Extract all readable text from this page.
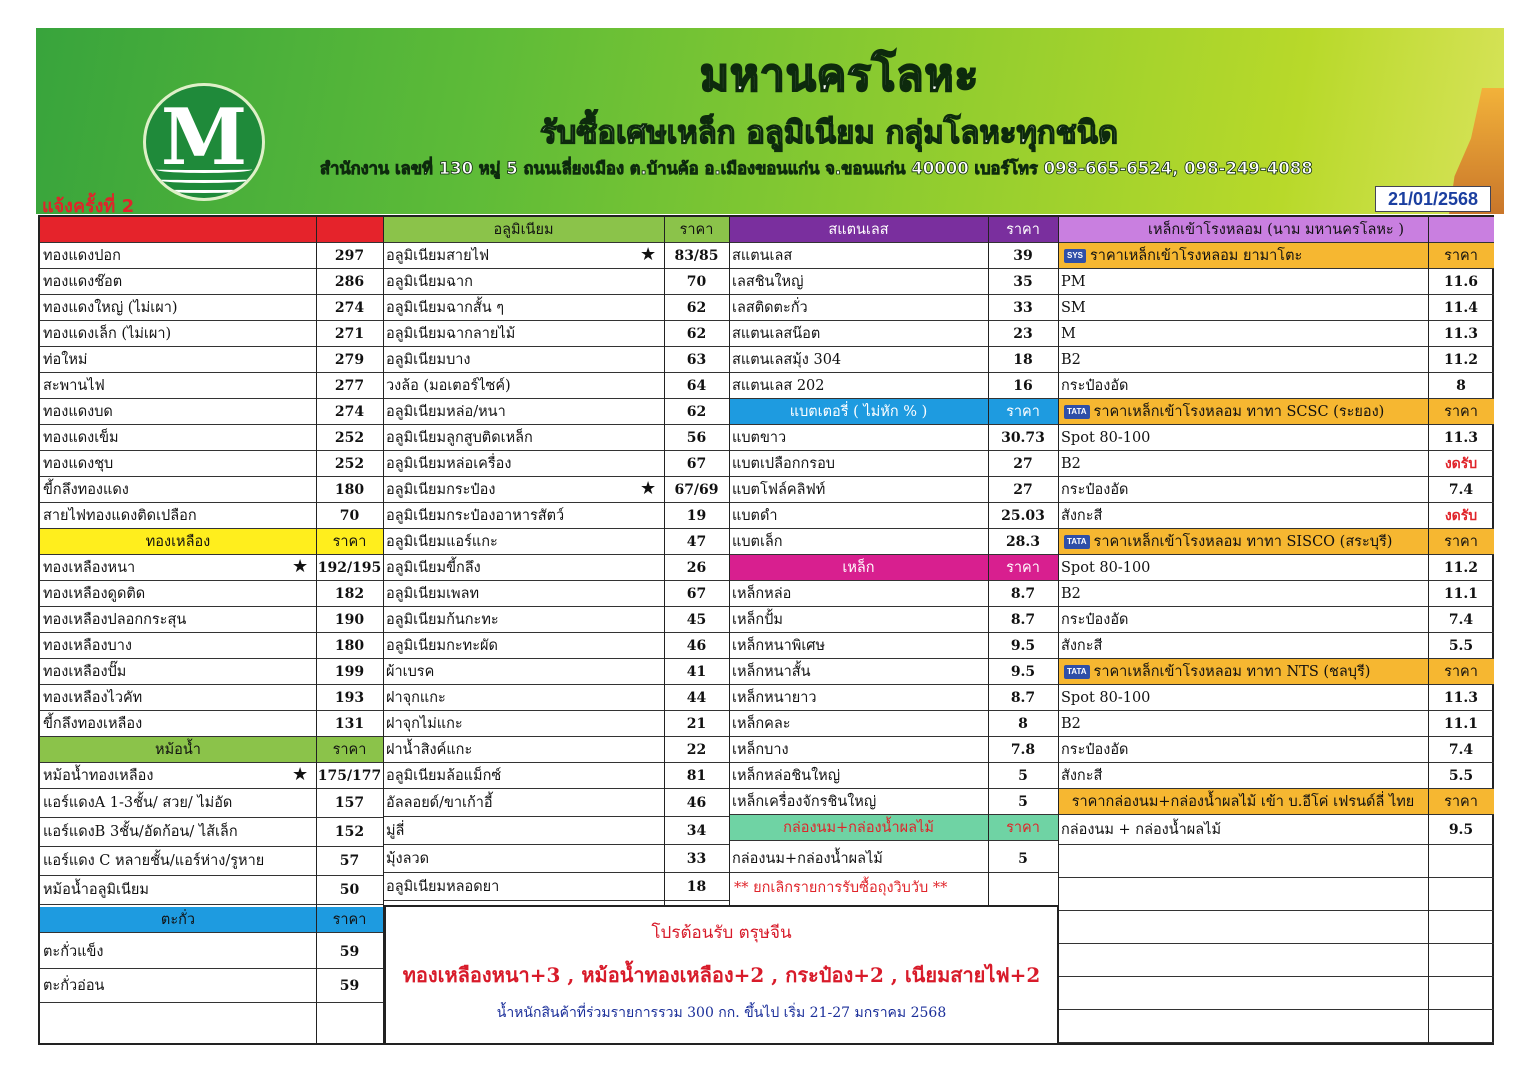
M
มหานครโลหะ
รับซื้อเศษเหล็ก อลูมิเนียม กลุ่มโลหะทุกชนิด
สำนักงาน เลขที่ 130 หมู่ 5 ถนนเลี่ยงเมือง ต.บ้านค้อ อ.เมืองขอนแก่น จ.ขอนแก่น 40000 เบอร์โทร 098-665-6524, 098-249-4088
แจ้งครั้งที่ 2	21/01/2568
ทองแดงปอก	297
ทองแดงช๊อต	286
ทองแดงใหญ่ (ไม่เผา)	274
ทองแดงเล็ก (ไม่เผา)	271
ท่อใหม่	279
สะพานไฟ	277
ทองแดงบด	274
ทองแดงเข็ม	252
ทองแดงชุบ	252
ขี้กลึงทองแดง	180
สายไฟทองแดงติดเปลือก	70
ทองเหลือง	ราคา
ทองเหลืองหนา	192/195
★
ทองเหลืองดูดติด	182
ทองเหลืองปลอกกระสุน	190
ทองเหลืองบาง	180
ทองเหลืองปั๊ม	199
ทองเหลืองไวคัท	193
ขี้กลึงทองเหลือง	131
หม้อน้ำ	ราคา
หม้อน้ำทองเหลือง	175/177
★
แอร์แดงA 1-3ชั้น/ สวย/ ไม่อัด	157
แอร์แดงB 3ชั้น/อัดก้อน/ ไส้เล็ก	152
แอร์แดง C หลายชั้น/แอร์ห่าง/รูหาย	57
หม้อน้ำอลูมิเนียม	50
ตะกั่ว	ราคา
ตะกั่วแข็ง	59
ตะกั่วอ่อน	59
อลูมิเนียม	ราคา
อลูมิเนียมสายไฟ	83/85
★
อลูมิเนียมฉาก	70
อลูมิเนียมฉากสั้น ๆ	62
อลูมิเนียมฉากลายไม้	62
อลูมิเนียมบาง	63
วงล้อ (มอเตอร์ไซค์)	64
อลูมิเนียมหล่อ/หนา	62
อลูมิเนียมลูกสูบติดเหล็ก	56
อลูมิเนียมหล่อเครื่อง	67
อลูมิเนียมกระป๋อง	67/69
★
อลูมิเนียมกระป๋องอาหารสัตว์	19
อลูมิเนียมแอร์แกะ	47
อลูมิเนียมขี้กลึง	26
อลูมิเนียมเพลท	67
อลูมิเนียมก้นกะทะ	45
อลูมิเนียมกะทะผัด	46
ผ้าเบรค	41
ฝาจุกแกะ	44
ฝาจุกไม่แกะ	21
ฝาน้ำสิงค์แกะ	22
อลูมิเนียมล้อแม็กซ์	81
อัลลอยด์/ขาเก้าอี้	46
มู่ลี่	34
มุ้งลวด	33
อลูมิเนียมหลอดยา	18
สแตนเลส	ราคา
สแตนเลส	39
เลสชินใหญ่	35
เลสติดตะกั่ว	33
สแตนเลสน๊อต	23
สแตนเลสมุ้ง 304	18
สแตนเลส 202	16
แบตเตอรี่ ( ไม่หัก % )	ราคา
แบตขาว	30.73
แบตเปลือกกรอบ	27
แบตโฟล์คลิฟท์	27
แบตดำ	25.03
แบตเล็ก	28.3
เหล็ก	ราคา
เหล็กหล่อ	8.7
เหล็กปั้ม	8.7
เหล็กหนาพิเศษ	9.5
เหล็กหนาสั้น	9.5
เหล็กหนายาว	8.7
เหล็กคละ	8
เหล็กบาง	7.8
เหล็กหล่อชินใหญ่	5
เหล็กเครื่องจักรชินใหญ่	5
กล่องนม+กล่องน้ำผลไม้	ราคา
กล่องนม+กล่องน้ำผลไม้	5
** ยกเลิกรายการรับซื้อถุงวิบวับ **
เหล็กเข้าโรงหลอม (นาม มหานครโลหะ )
SYS ราคาเหล็กเข้าโรงหลอม ยามาโตะ	ราคา
PM	11.6
SM	11.4
M	11.3
B2	11.2
กระป๋องอัด	8
TATA ราคาเหล็กเข้าโรงหลอม ทาทา SCSC (ระยอง)	ราคา
Spot 80-100	11.3
B2	งดรับ
กระป๋องอัด	7.4
สังกะสี	งดรับ
TATA ราคาเหล็กเข้าโรงหลอม ทาทา SISCO (สระบุรี)	ราคา
Spot 80-100	11.2
B2	11.1
กระป๋องอัด	7.4
สังกะสี	5.5
TATA ราคาเหล็กเข้าโรงหลอม ทาทา NTS (ชลบุรี)	ราคา
Spot 80-100	11.3
B2	11.1
กระป๋องอัด	7.4
สังกะสี	5.5
ราคากล่องนม+กล่องน้ำผลไม้ เข้า บ.อีโค่ เฟรนด์ลี่ ไทย	ราคา
กล่องนม + กล่องน้ำผลไม้	9.5
โปรต้อนรับ ตรุษจีน
ทองเหลืองหนา+3 , หม้อน้ำทองเหลือง+2 , กระป๋อง+2 , เนียมสายไฟ+2
น้ำหนักสินค้าที่ร่วมรายการรวม 300 กก. ขึ้นไป เริ่ม 21-27 มกราคม 2568
